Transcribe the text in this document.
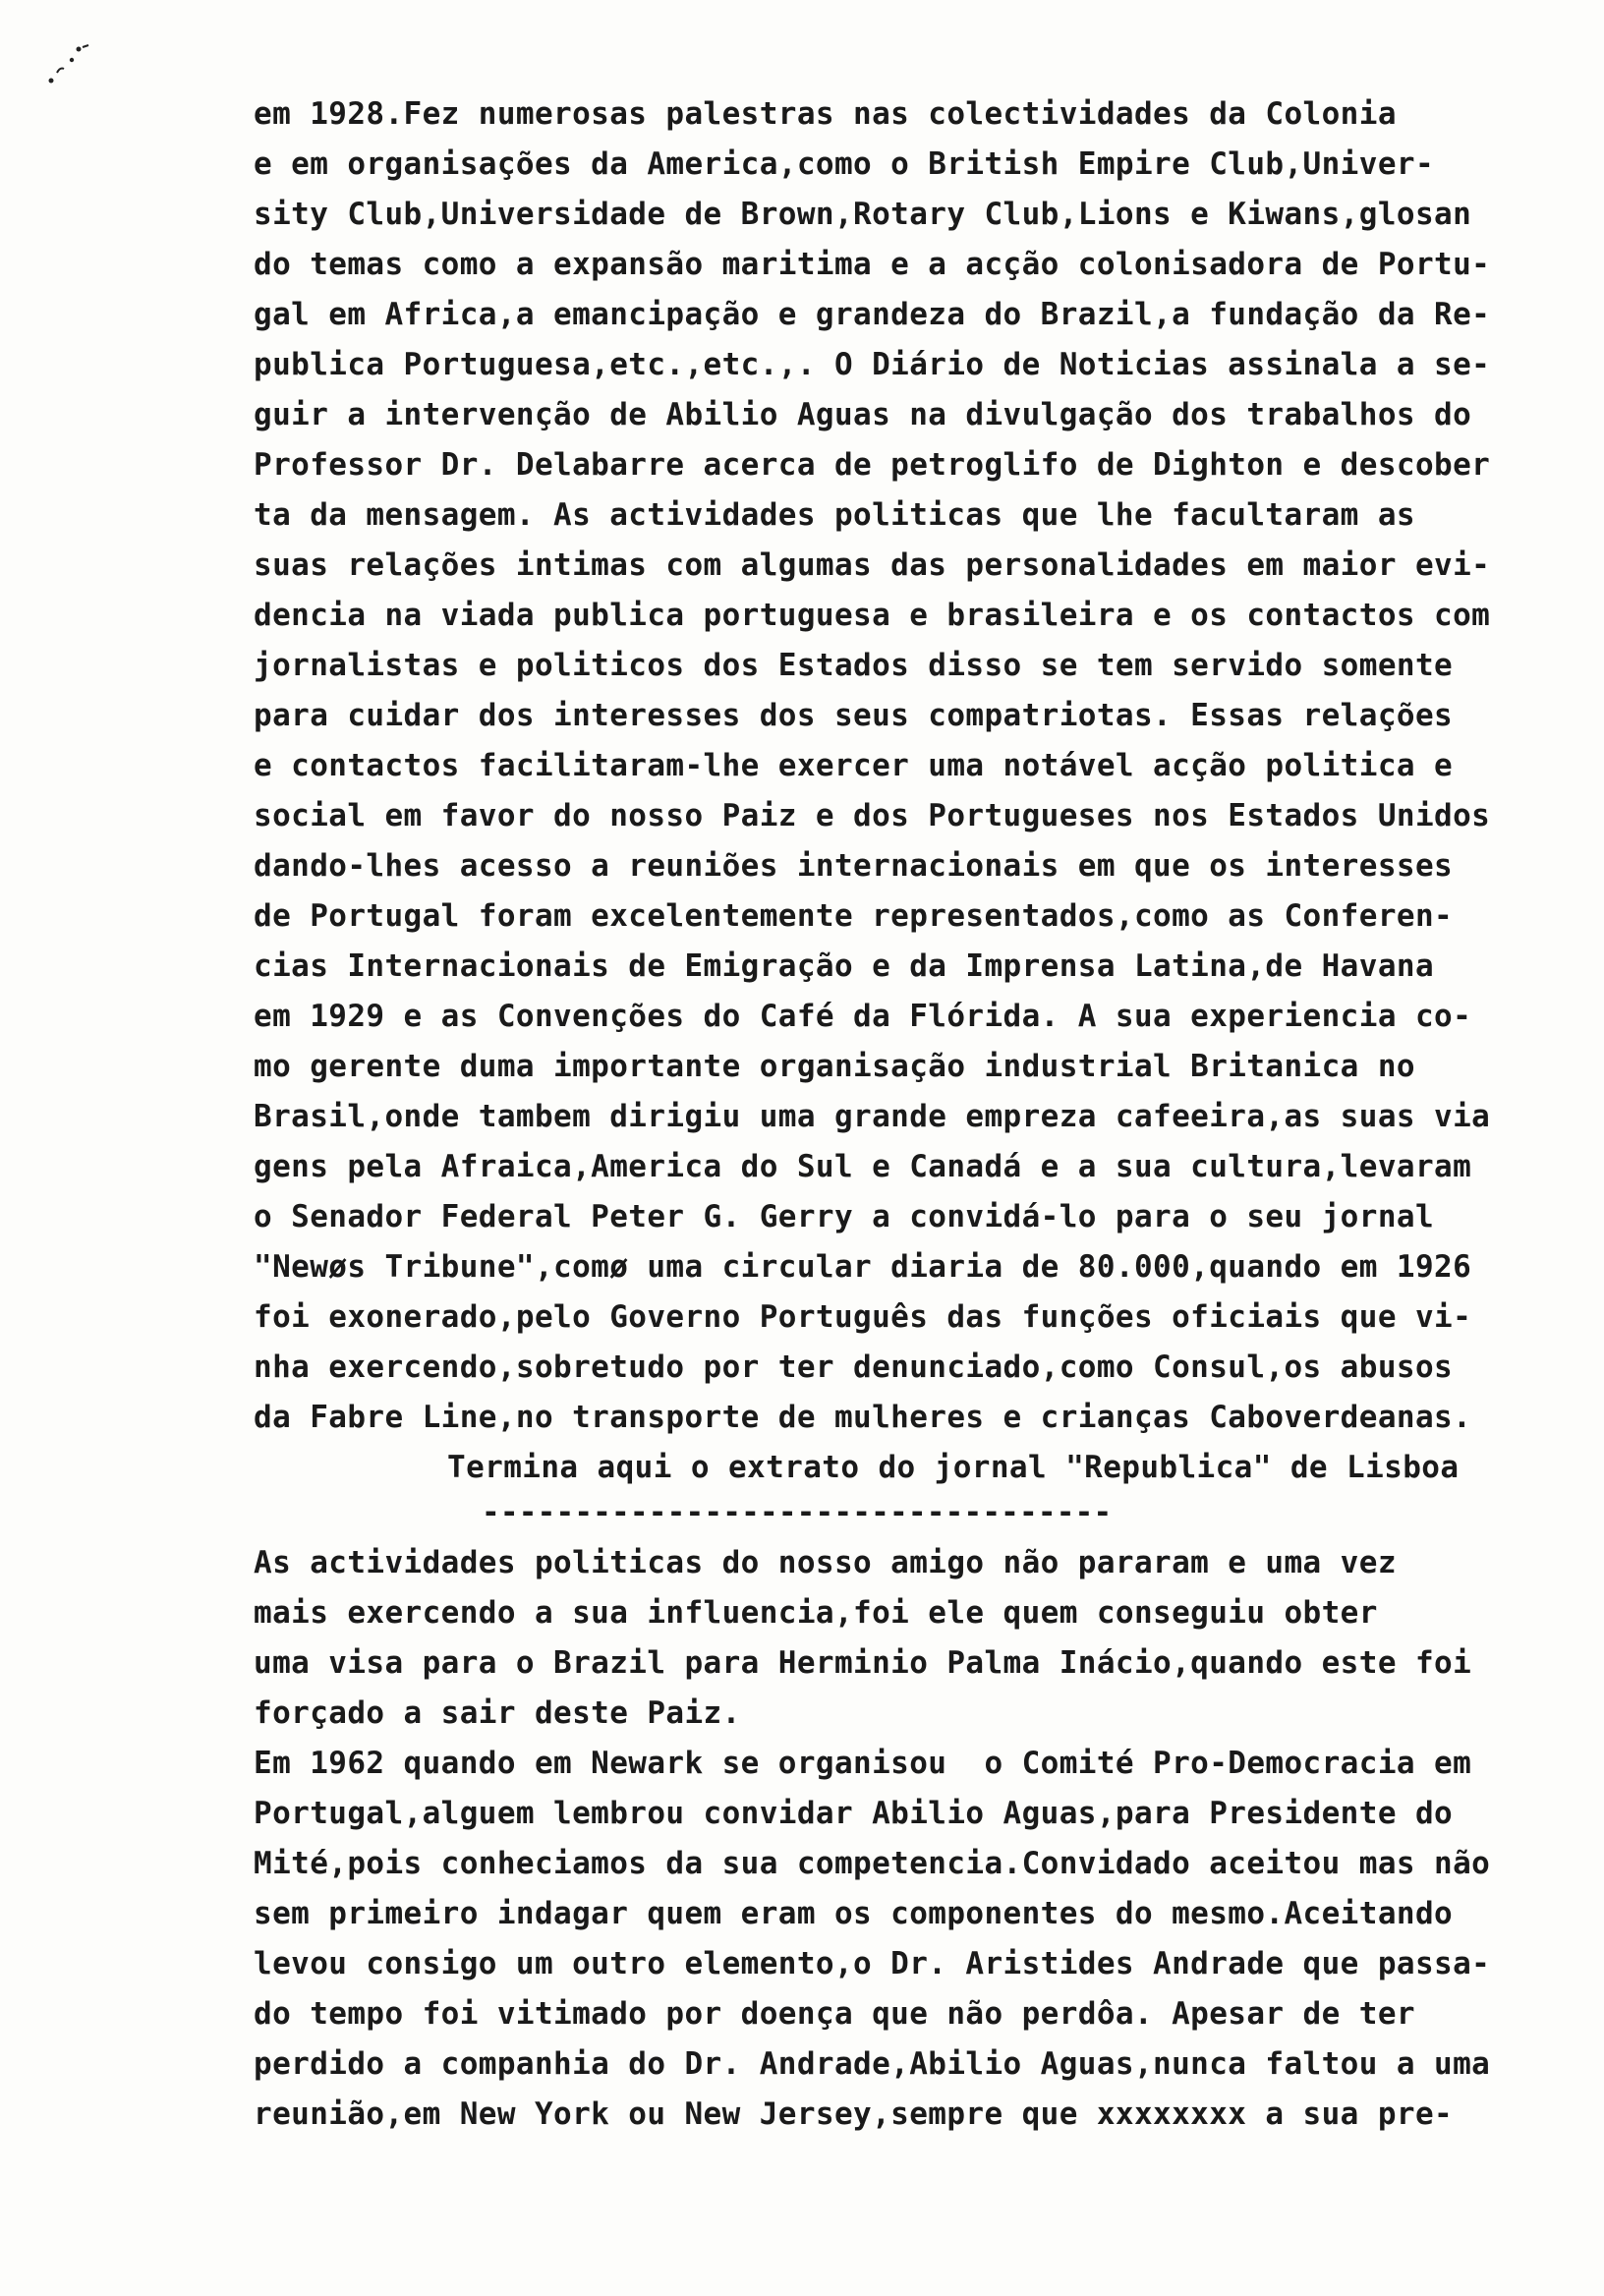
em 1928.Fez numerosas palestras nas colectividades da Colonia

e em organisações da America,como o British Empire Club,Univer-

sity Club,Universidade de Brown,Rotary Club,Lions e Kiwans,glosan

do temas como a expansão maritima e a acção colonisadora de Portu-

gal em Africa,a emancipação e grandeza do Brazil,a fundação da Re-

publica Portuguesa,etc.,etc.,. O Diário de Noticias assinala a se-

guir a intervenção de Abilio Aguas na divulgação dos trabalhos do

Professor Dr. Delabarre acerca de petroglifo de Dighton e descober

ta da mensagem. As actividades politicas que lhe facultaram as

suas relações intimas com algumas das personalidades em maior evi-

dencia na viada publica portuguesa e brasileira e os contactos com

jornalistas e politicos dos Estados disso se tem servido somente

para cuidar dos interesses dos seus compatriotas. Essas relações

e contactos facilitaram-lhe exercer uma notável acção politica e

social em favor do nosso Paiz e dos Portugueses nos Estados Unidos

dando-lhes acesso a reuniões internacionais em que os interesses

de Portugal foram excelentemente representados,como as Conferen-

cias Internacionais de Emigração e da Imprensa Latina,de Havana

em 1929 e as Convenções do Café da Flórida. A sua experiencia co-

mo gerente duma importante organisação industrial Britanica no

Brasil,onde tambem dirigiu uma grande empreza cafeeira,as suas via

gens pela Afraica,America do Sul e Canadá e a sua cultura,levaram

o Senador Federal Peter G. Gerry a convidá-lo para o seu jornal

"Newøs Tribune",comø uma circular diaria de 80.000,quando em 1926

foi exonerado,pelo Governo Português das funções oficiais que vi-

nha exercendo,sobretudo por ter denunciado,como Consul,os abusos

da Fabre Line,no transporte de mulheres e crianças Caboverdeanas.

Termina aqui o extrato do jornal "Republica" de Lisboa

----------------------------------

As actividades politicas do nosso amigo não pararam e uma vez

mais exercendo a sua influencia,foi ele quem conseguiu obter

uma visa para o Brazil para Herminio Palma Inácio,quando este foi

forçado a sair deste Paiz.

Em 1962 quando em Newark se organisou  o Comité Pro-Democracia em

Portugal,alguem lembrou convidar Abilio Aguas,para Presidente do

Mité,pois conheciamos da sua competencia.Convidado aceitou mas não

sem primeiro indagar quem eram os componentes do mesmo.Aceitando

levou consigo um outro elemento,o Dr. Aristides Andrade que passa-

do tempo foi vitimado por doença que não perdôa. Apesar de ter

perdido a companhia do Dr. Andrade,Abilio Aguas,nunca faltou a uma

reunião,em New York ou New Jersey,sempre que xxxxxxxx a sua pre-
